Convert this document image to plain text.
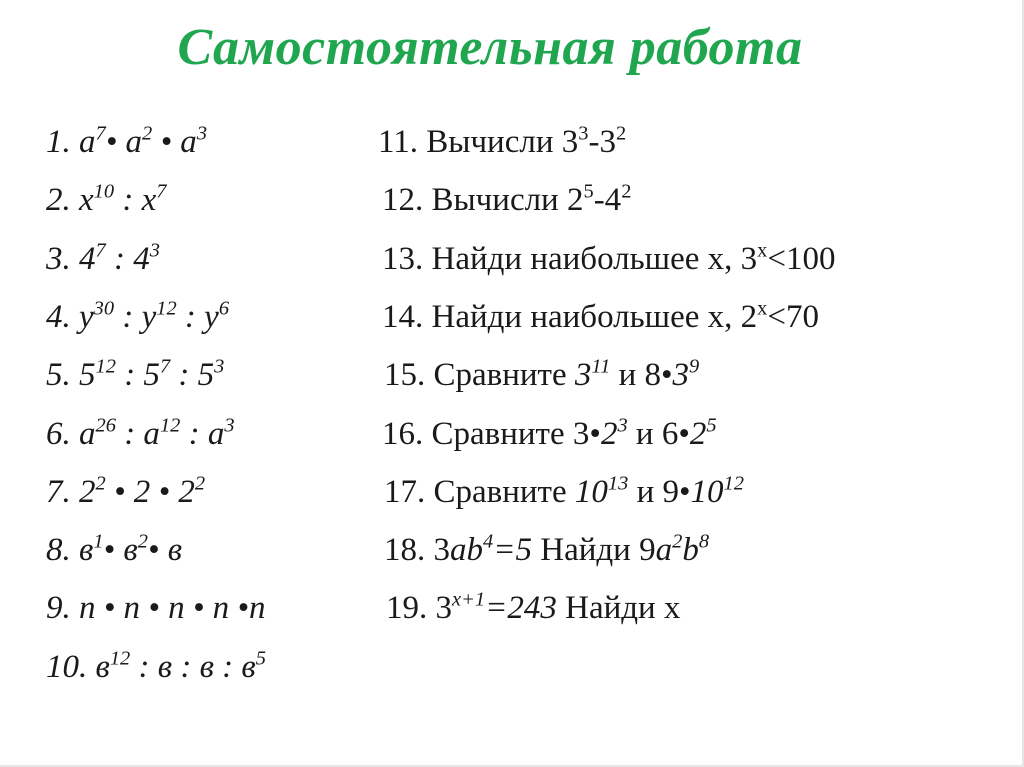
Самостоятельная работа
1. $a^7•$ $a^2$ • $a^3$
2. $x^{10}$ : $x^7$
3. $4^7$ : $4^3$
4. $y^{30}$ : $y^{12}$ : $y^6$
5. $5^{12}$ : $5^7$ : $5^3$
6. $a^{26}$ : $a^{12}$ : $a^3$
7. $2^2$ • 2 • $2^2$
8. $в^1•$ $в^2•$ в
9. n • n • n • n •n
10. $в^{12}$ : в : в : $в^5$
11. Вычисли $3^3-3^2$
12. Вычисли $2^5-4^2$
13. Найди наибольшее х, $3^х<100$
14. Найди наибольшее х, $2^х<70$
15. Сравните $3^{11}$ и $8•3^9$
16. Сравните $3•2^3$ и $6•2^5$
17. Сравните $10^{13}$ и $9•10^{12}$
18. $3ab^4=5$ Найди $9a^2b^8$
19. $3^{х+1}=243$ Найди х
